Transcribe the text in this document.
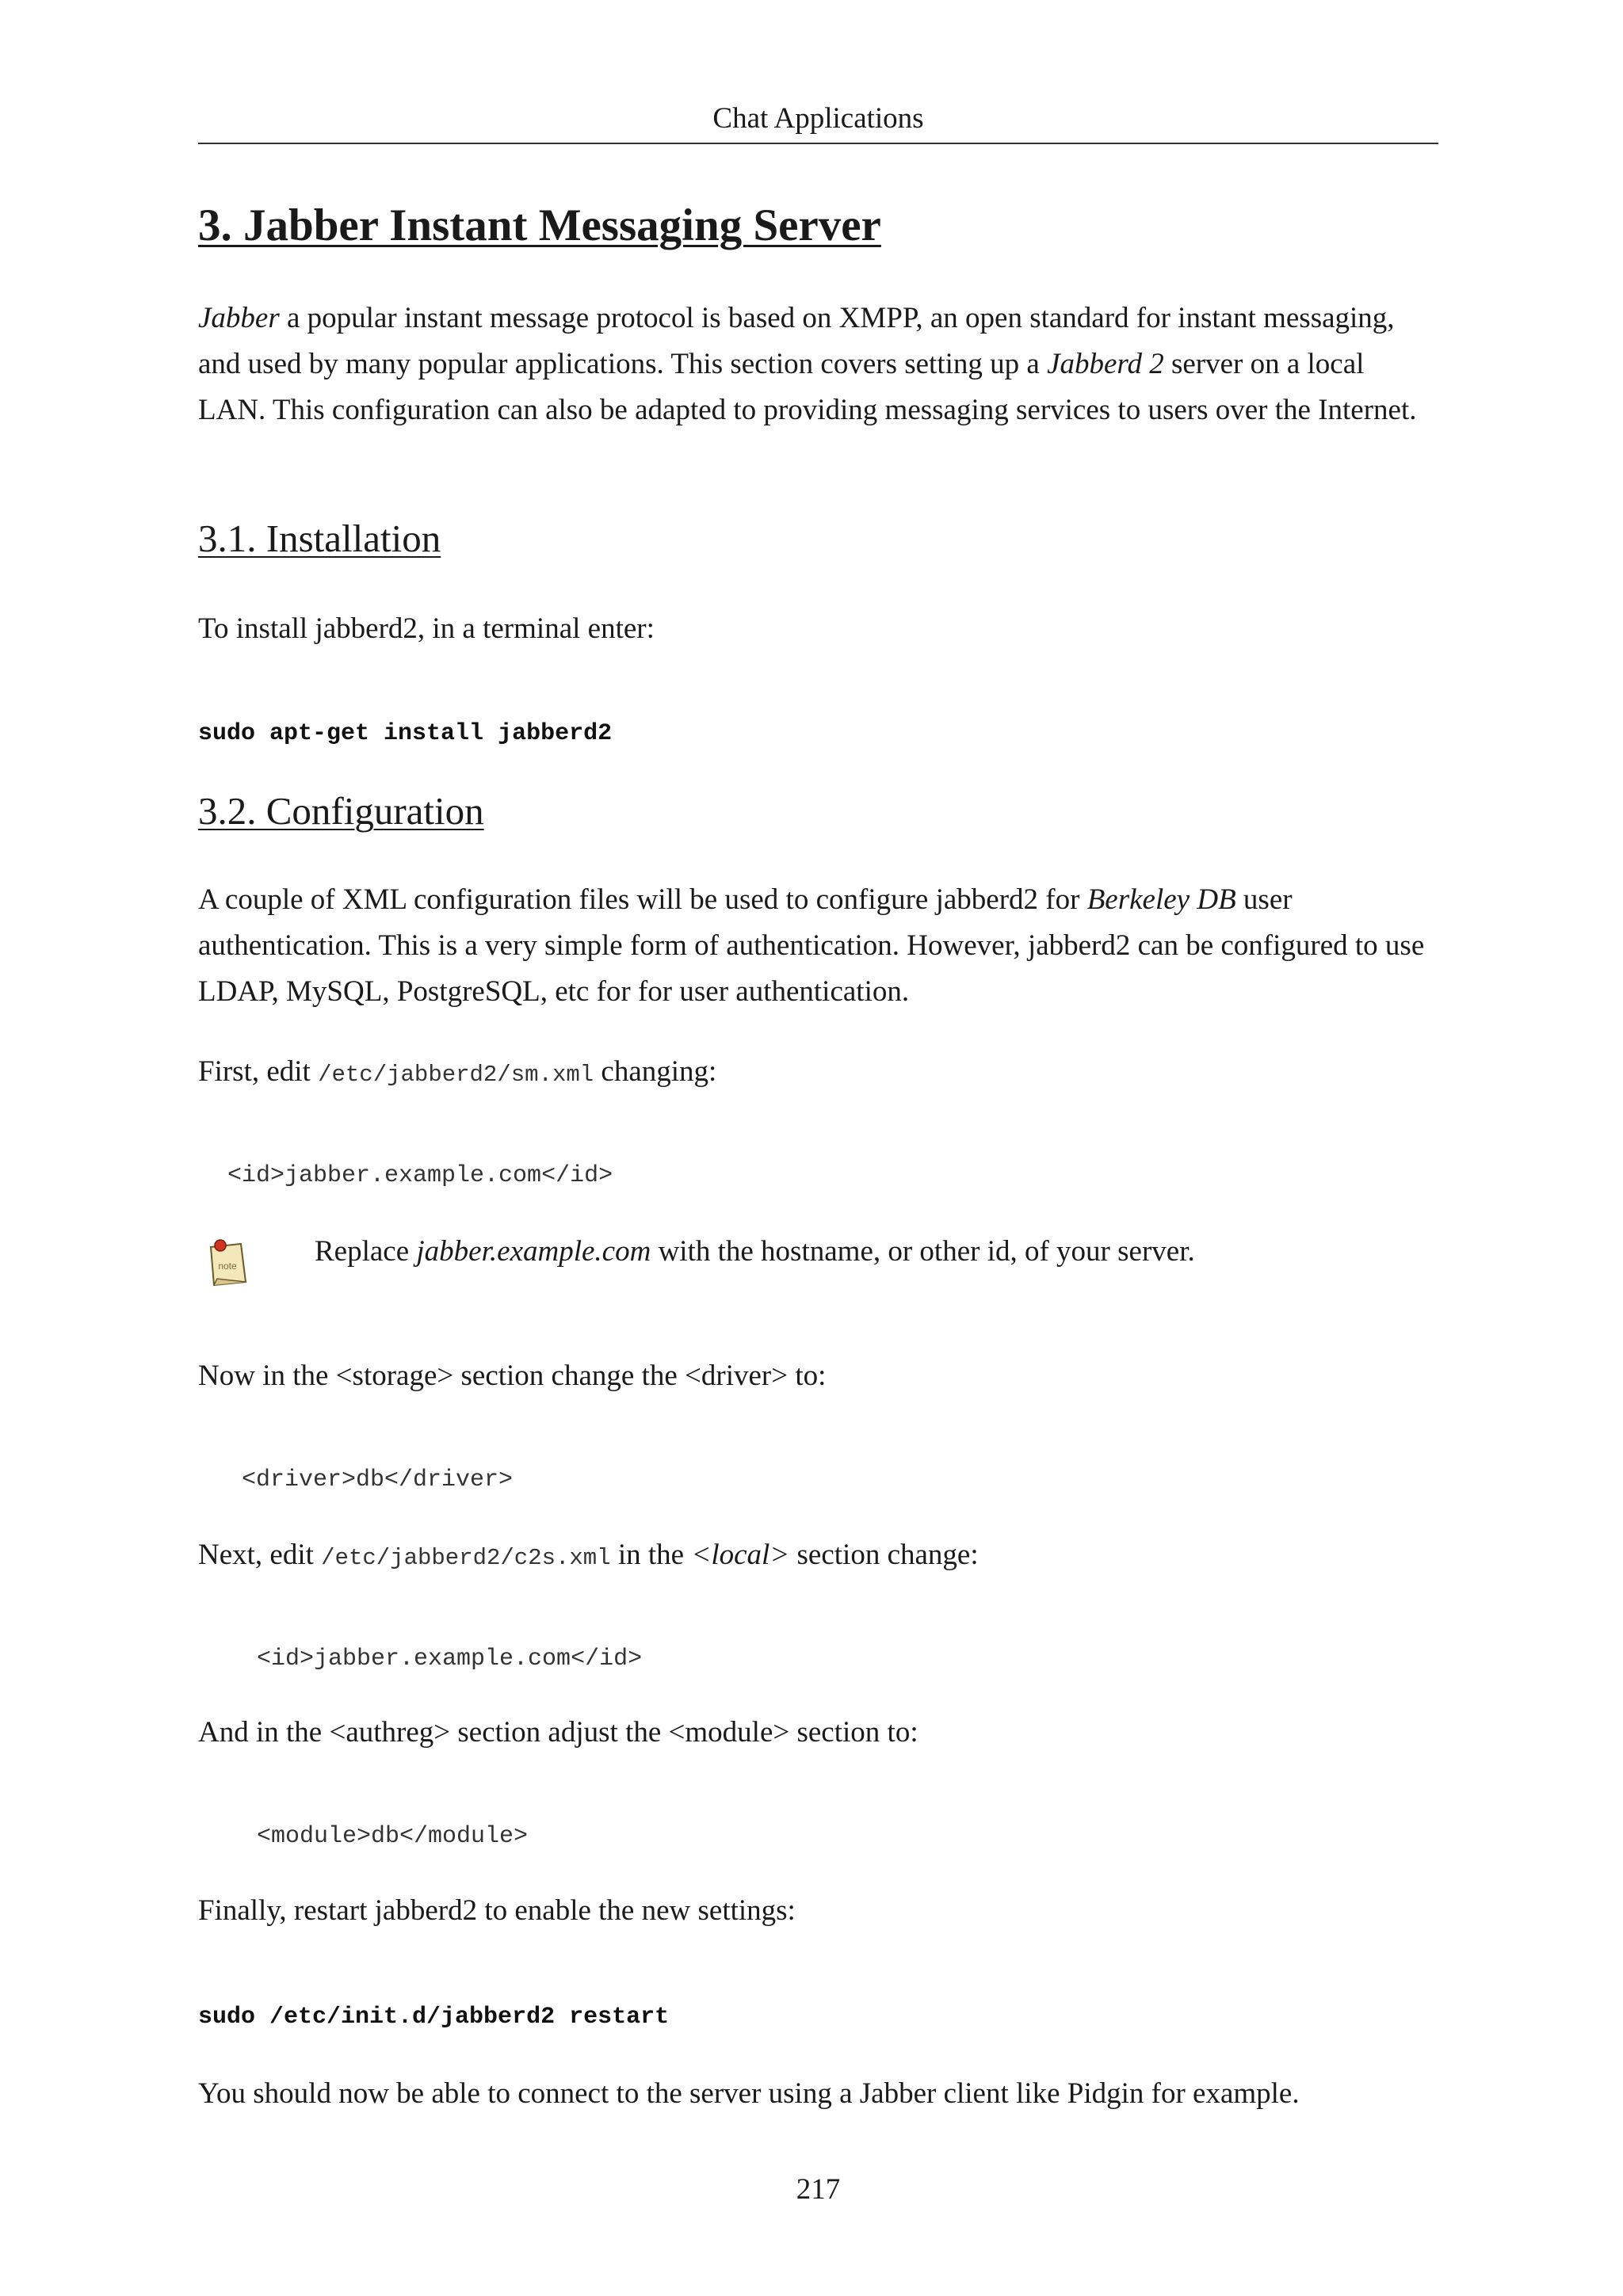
Chat Applications
3. Jabber Instant Messaging Server

Jabber a popular instant message protocol is based on XMPP, an open standard for instant messaging, and used by many popular applications. This section covers setting up a Jabberd 2 server on a local LAN. This configuration can also be adapted to providing messaging services to users over the Internet.

3.1. Installation

To install jabberd2, in a terminal enter:

sudo apt-get install jabberd2
3.2. Configuration

A couple of XML configuration files will be used to configure jabberd2 for Berkeley DB user authentication. This is a very simple form of authentication. However, jabberd2 can be configured to use LDAP, MySQL, PostgreSQL, etc for for user authentication.

First, edit /etc/jabberd2/sm.xml changing:

<id>jabber.example.com</id>
note	Replace jabber.example.com with the hostname, or other id, of your server.

Now in the <storage> section change the <driver> to:

<driver>db</driver>

Next, edit /etc/jabberd2/c2s.xml in the <local> section change:

<id>jabber.example.com</id>

And in the <authreg> section adjust the <module> section to:

<module>db</module>

Finally, restart jabberd2 to enable the new settings:

sudo /etc/init.d/jabberd2 restart

You should now be able to connect to the server using a Jabber client like Pidgin for example.

217
